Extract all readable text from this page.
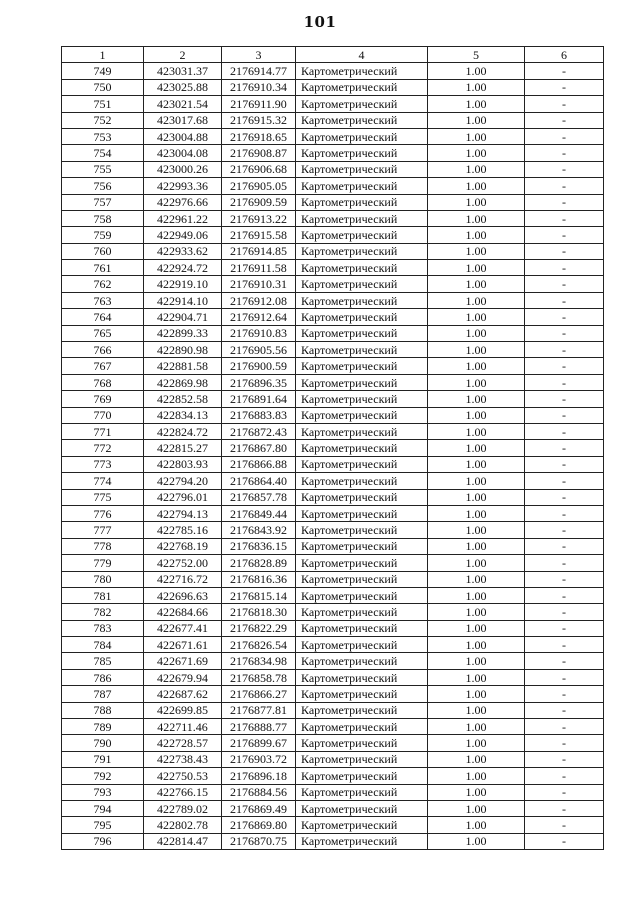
101
1	2	3	4	5	6
749	423031.37	2176914.77	Картометрический	1.00	-
750	423025.88	2176910.34	Картометрический	1.00	-
751	423021.54	2176911.90	Картометрический	1.00	-
752	423017.68	2176915.32	Картометрический	1.00	-
753	423004.88	2176918.65	Картометрический	1.00	-
754	423004.08	2176908.87	Картометрический	1.00	-
755	423000.26	2176906.68	Картометрический	1.00	-
756	422993.36	2176905.05	Картометрический	1.00	-
757	422976.66	2176909.59	Картометрический	1.00	-
758	422961.22	2176913.22	Картометрический	1.00	-
759	422949.06	2176915.58	Картометрический	1.00	-
760	422933.62	2176914.85	Картометрический	1.00	-
761	422924.72	2176911.58	Картометрический	1.00	-
762	422919.10	2176910.31	Картометрический	1.00	-
763	422914.10	2176912.08	Картометрический	1.00	-
764	422904.71	2176912.64	Картометрический	1.00	-
765	422899.33	2176910.83	Картометрический	1.00	-
766	422890.98	2176905.56	Картометрический	1.00	-
767	422881.58	2176900.59	Картометрический	1.00	-
768	422869.98	2176896.35	Картометрический	1.00	-
769	422852.58	2176891.64	Картометрический	1.00	-
770	422834.13	2176883.83	Картометрический	1.00	-
771	422824.72	2176872.43	Картометрический	1.00	-
772	422815.27	2176867.80	Картометрический	1.00	-
773	422803.93	2176866.88	Картометрический	1.00	-
774	422794.20	2176864.40	Картометрический	1.00	-
775	422796.01	2176857.78	Картометрический	1.00	-
776	422794.13	2176849.44	Картометрический	1.00	-
777	422785.16	2176843.92	Картометрический	1.00	-
778	422768.19	2176836.15	Картометрический	1.00	-
779	422752.00	2176828.89	Картометрический	1.00	-
780	422716.72	2176816.36	Картометрический	1.00	-
781	422696.63	2176815.14	Картометрический	1.00	-
782	422684.66	2176818.30	Картометрический	1.00	-
783	422677.41	2176822.29	Картометрический	1.00	-
784	422671.61	2176826.54	Картометрический	1.00	-
785	422671.69	2176834.98	Картометрический	1.00	-
786	422679.94	2176858.78	Картометрический	1.00	-
787	422687.62	2176866.27	Картометрический	1.00	-
788	422699.85	2176877.81	Картометрический	1.00	-
789	422711.46	2176888.77	Картометрический	1.00	-
790	422728.57	2176899.67	Картометрический	1.00	-
791	422738.43	2176903.72	Картометрический	1.00	-
792	422750.53	2176896.18	Картометрический	1.00	-
793	422766.15	2176884.56	Картометрический	1.00	-
794	422789.02	2176869.49	Картометрический	1.00	-
795	422802.78	2176869.80	Картометрический	1.00	-
796	422814.47	2176870.75	Картометрический	1.00	-
